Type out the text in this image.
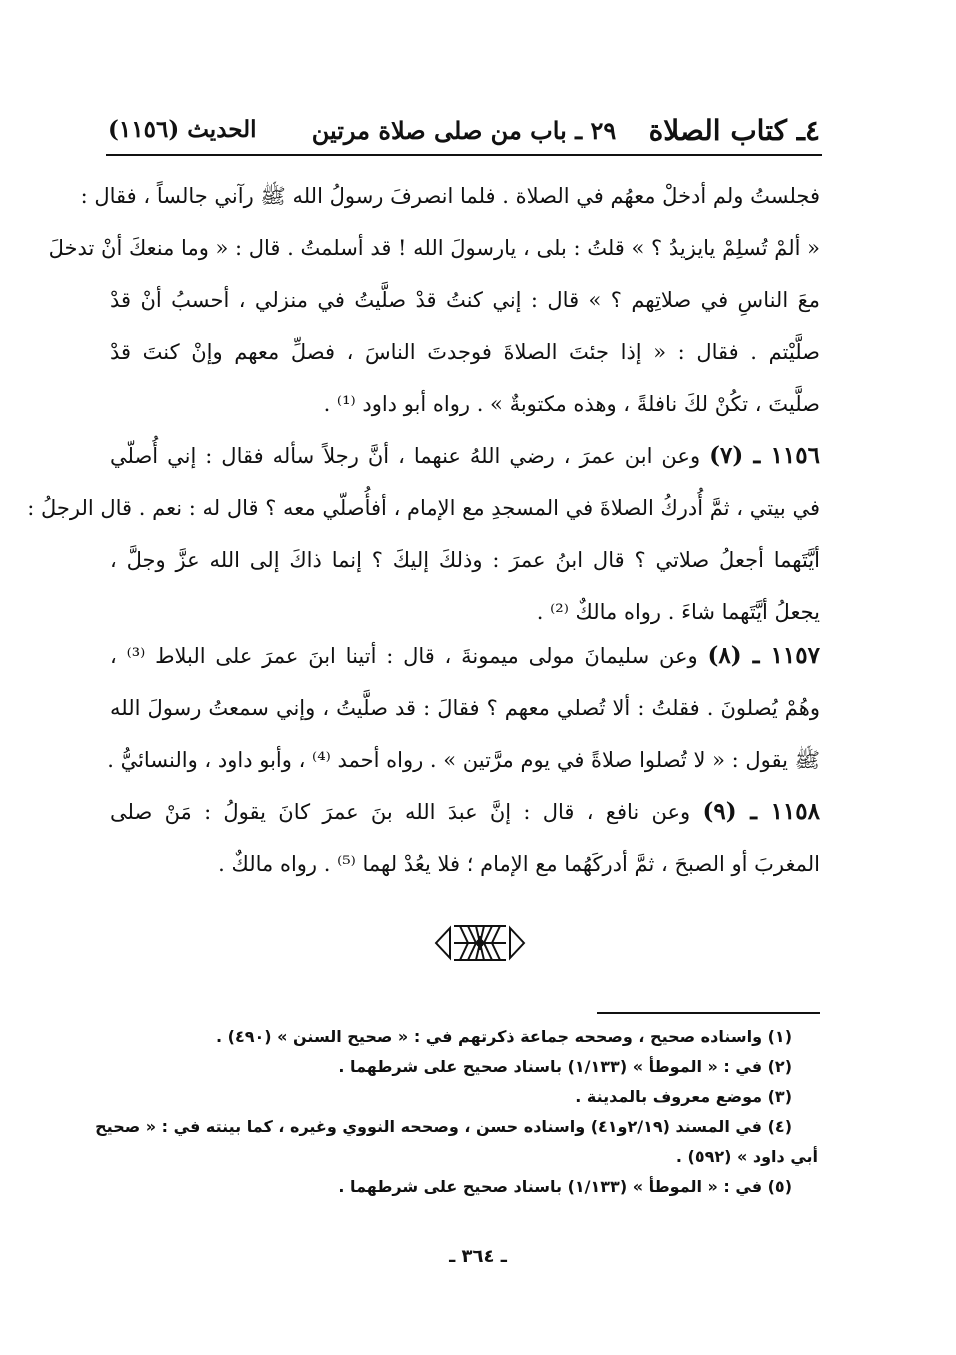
٤ـ كتاب الصلاة
٢٩ ـ باب من صلى صلاة مرتين
الحديث (١١٥٦)
فجلستُ ولم أدخلْ معهُم في الصلاة . فلما انصرفَ رسولُ الله ﷺ رآني جالساً ، فقال :
« ألمْ تُسلِمْ يايزيدُ ؟ » قلتُ : بلى ، يارسولَ الله ! قد أسلمتُ . قال : « وما منعكَ أنْ تدخلَ
معَ الناسِ في صلاتِهم ؟ » قال : إني كنتُ قدْ صلَّيتُ في منزلي ، أحسبُ أنْ قدْ
صلَّيْتم . فقال : « إذا جئتَ الصلاةَ فوجدتَ الناسَ ، فصلِّ معهم وإنْ كنتَ قدْ
صلَّيتَ ، تكُنْ لكَ نافلةً ، وهذه مكتوبةٌ » . رواه أبو داود ⁽¹⁾ .
١١٥٦ ـ (٧) وعن ابن عمرَ ، رضي اللهُ عنهما ، أنَّ رجلاً سأله فقال : إني أُصلّي
في بيتي ، ثمَّ أُدركُ الصلاةَ في المسجدِ مع الإمام ، أفأُصلّي معه ؟ قال له : نعم . قال الرجلُ :
أيَّتَهما أجعلُ صلاتي ؟ قال ابنُ عمرَ : وذلكَ إليكَ ؟ إنما ذاكَ إلى الله عزَّ وجلَّ ،
يجعلُ أيَّتَهما شاءَ . رواه مالكٌ ⁽²⁾ .
١١٥٧ ـ (٨) وعن سليمانَ مولى ميمونةَ ، قال : أتينا ابنَ عمرَ على البلاط ⁽³⁾ ،
وهُمْ يُصلونَ . فقلتُ : ألا تُصلي معهم ؟ فقالَ : قد صلَّيتُ ، وإني سمعتُ رسولَ الله
ﷺ يقول : « لا تُصلوا صلاةً في يوم مرَّتين » . رواه أحمد ⁽⁴⁾ ، وأبو داود ، والنسائيُّ .
١١٥٨ ـ (٩) وعن نافع ، قال : إنَّ عبدَ الله بنَ عمرَ كانَ يقولُ : مَنْ صلى
المغربَ أو الصبحَ ، ثمَّ أدركَهُما مع الإمام ؛ فلا يعُدْ لهما ⁽⁵⁾ . رواه مالكٌ .
(١) واسناده صحيح ، وصححه جماعة ذكرتهم في : « صحيح السنن » (٤٩٠) .
(٢) في : « الموطأ » (١/١٣٣) باسناد صحيح على شرطهما .
(٣) موضع معروف بالمدينة .
(٤) في المسند (٢/١٩و٤١) واسناده حسن ، وصححه النووي وغيره ، كما بينته في : « صحيح
أبي داود » (٥٩٢) .
(٥) في : « الموطأ » (١/١٣٣) باسناد صحيح على شرطهما .
ـ ٣٦٤ ـ
